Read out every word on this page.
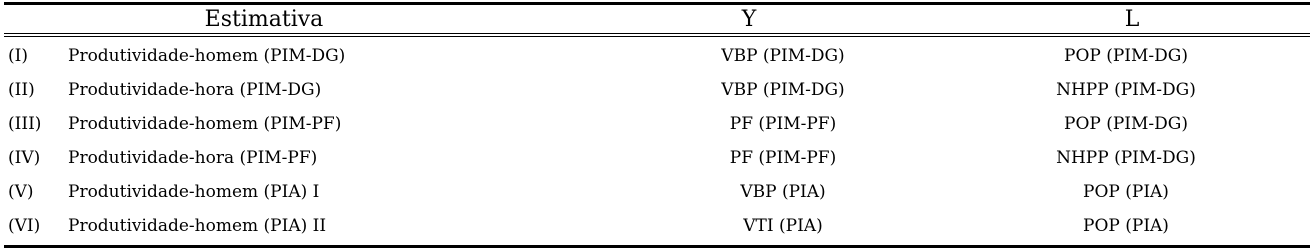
Estimativa	Y	L
(I)	Produtividade-homem (PIM-DG)	VBP (PIM-DG)	POP (PIM-DG)
(II)	Produtividade-hora (PIM-DG)	VBP (PIM-DG)	NHPP (PIM-DG)
(III)	Produtividade-homem (PIM-PF)	PF (PIM-PF)	POP (PIM-DG)
(IV)	Produtividade-hora (PIM-PF)	PF (PIM-PF)	NHPP (PIM-DG)
(V)	Produtividade-homem (PIA) I	VBP (PIA)	POP (PIA)
(VI)	Produtividade-homem (PIA) II	VTI (PIA)	POP (PIA)
